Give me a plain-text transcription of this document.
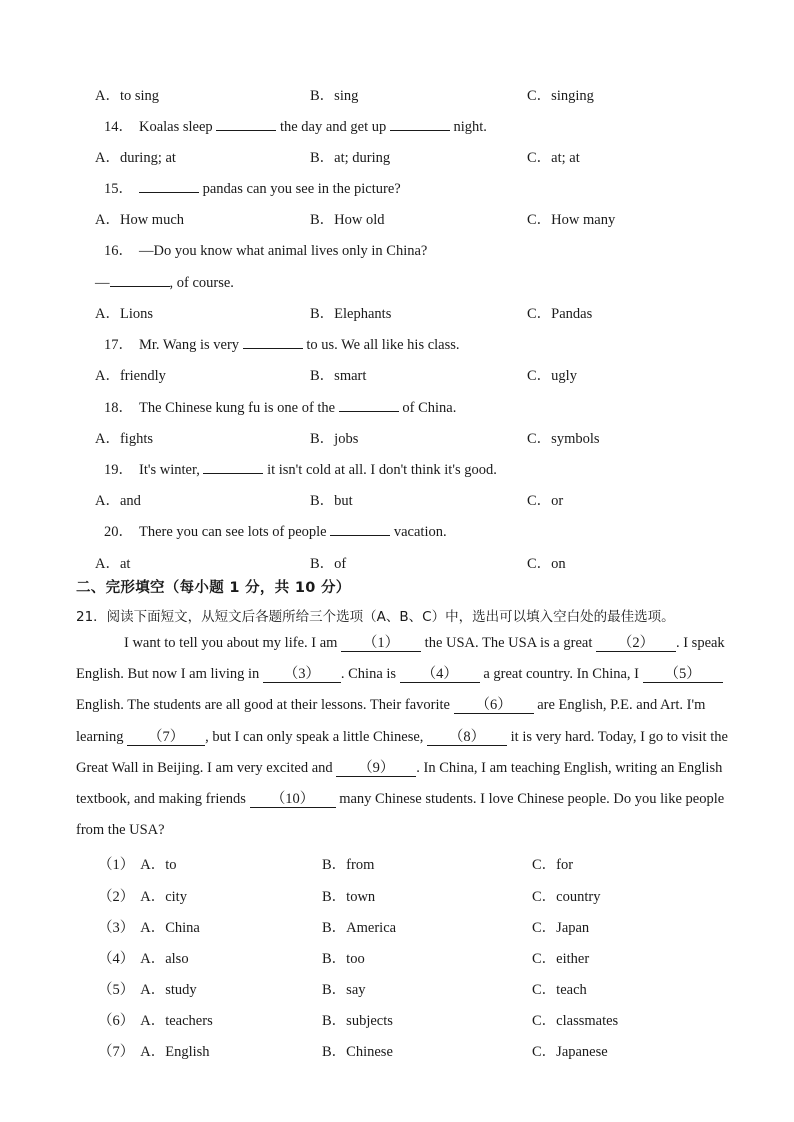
A．to sing	B．sing	C．singing
14． Koalas sleep	the day and get up	night.
A．during; at	B．at; during	C．at; at
15．	pandas can you see in the picture?
A．How much	B．How old	C．How many
16． —Do you know what animal lives only in China?
—	, of course.
A．Lions	B．Elephants	C．Pandas
17． Mr. Wang is very	to us. We all like his class.
A．friendly	B．smart	C．ugly
18． The Chinese kung fu is one of the	of China.
A．fights	B．jobs	C．symbols
19． It's winter,	it isn't cold at all. I don't think it's good.
A．and	B．but	C．or
20． There you can see lots of people	vacation.
A．at	B．of	C．on
二、完形填空（每小题 1 分，共 10 分）
21．阅读下面短文，从短文后各题所给三个选项（A、B、C）中，选出可以填入空白处的最佳选项。
I want to tell you about my life. I am （1） the USA. The USA is a great （2） . I speak
English. But now I am living in （3） . China is （4） a great country. In China, I （5）
English. The students are all good at their lessons. Their favorite （6） are English, P.E. and Art. I'm
learning （7） , but I can only speak a little Chinese, （8） it is very hard. Today, I go to visit the
Great Wall in Beijing. I am very excited and （9） . In China, I am teaching English, writing an English
textbook, and making friends （10） many Chinese students. I love Chinese people. Do you like people
from the USA?
（1） A．to	B．from	C．for
（2） A．city	B．town	C．country
（3） A．China	B．America	C．Japan
（4） A．also	B．too	C．either
（5） A．study	B．say	C．teach
（6） A．teachers	B．subjects	C．classmates
（7） A．English	B．Chinese	C．Japanese
